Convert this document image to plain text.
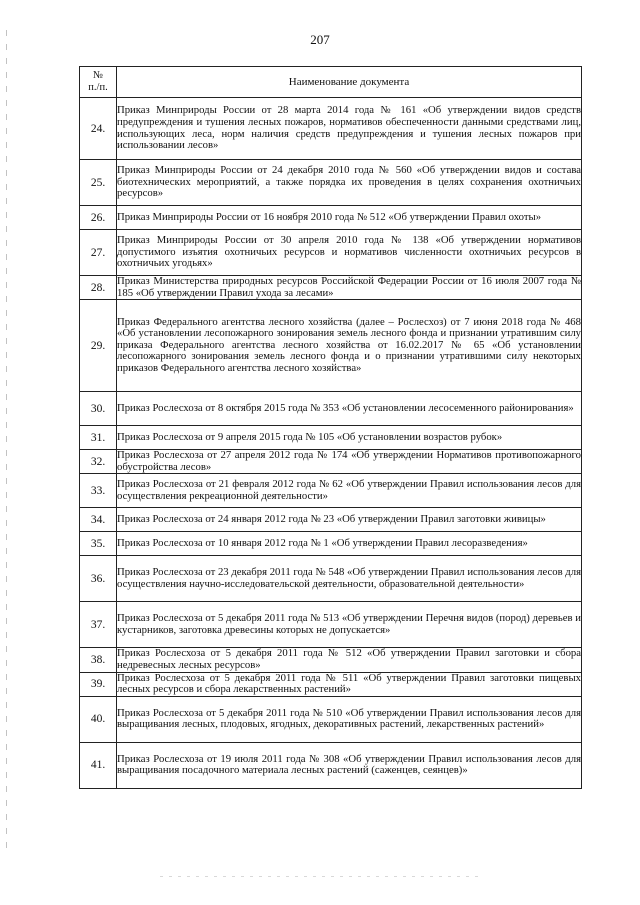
207
№
п./п.	Наименование документа
24.	Приказ Минприроды России от 28 марта 2014 года № 161 «Об утверждении видов средств предупреждения и тушения лесных пожаров, нормативов обеспеченности данными средствами лиц, использующих леса, норм наличия средств предупреждения и тушения лесных пожаров при использовании лесов»
25.	Приказ Минприроды России от 24 декабря 2010 года № 560 «Об утверждении видов и состава биотехнических мероприятий, а также порядка их проведения в целях сохранения охотничьих ресурсов»
26.	Приказ Минприроды России от 16 ноября 2010 года № 512 «Об утверждении Правил охоты»
27.	Приказ Минприроды России от 30 апреля 2010 года № 138 «Об утверждении нормативов допустимого изъятия охотничьих ресурсов и нормативов численности охотничьих ресурсов в охотничьих угодьях»
28.	Приказ Министерства природных ресурсов Российской Федерации России от 16 июля 2007 года № 185 «Об утверждении Правил ухода за лесами»
29.	Приказ Федерального агентства лесного хозяйства (далее – Рослесхоз) от 7 июня 2018 года № 468 «Об установлении лесопожарного зонирования земель лесного фонда и признании утратившим силу приказа Федерального агентства лесного хозяйства от 16.02.2017 № 65 «Об установлении лесопожарного зонирования земель лесного фонда и о признании утратившими силу некоторых приказов Федерального агентства лесного хозяйства»
30.	Приказ Рослесхоза от 8 октября 2015 года № 353 «Об установлении лесосеменного районирования»
31.	Приказ Рослесхоза от 9 апреля 2015 года № 105 «Об установлении возрастов рубок»
32.	Приказ Рослесхоза от 27 апреля 2012 года № 174 «Об утверждении Нормативов противопожарного обустройства лесов»
33.	Приказ Рослесхоза от 21 февраля 2012 года № 62 «Об утверждении Правил использования лесов для осуществления рекреационной деятельности»
34.	Приказ Рослесхоза от 24 января 2012 года № 23 «Об утверждении Правил заготовки живицы»
35.	Приказ Рослесхоза от 10 января 2012 года № 1 «Об утверждении Правил лесоразведения»
36.	Приказ Рослесхоза от 23 декабря 2011 года № 548 «Об утверждении Правил использования лесов для осуществления научно-исследовательской деятельности, образовательной деятельности»
37.	Приказ Рослесхоза от 5 декабря 2011 года № 513 «Об утверждении Перечня видов (пород) деревьев и кустарников, заготовка древесины которых не допускается»
38.	Приказ Рослесхоза от 5 декабря 2011 года № 512 «Об утверждении Правил заготовки и сбора недревесных лесных ресурсов»
39.	Приказ Рослесхоза от 5 декабря 2011 года № 511 «Об утверждении Правил заготовки пищевых лесных ресурсов и сбора лекарственных растений»
40.	Приказ Рослесхоза от 5 декабря 2011 года № 510 «Об утверждении Правил использования лесов для выращивания лесных, плодовых, ягодных, декоративных растений, лекарственных растений»
41.	Приказ Рослесхоза от 19 июля 2011 года № 308 «Об утверждении Правил использования лесов для выращивания посадочного материала лесных растений (саженцев, сеянцев)»
